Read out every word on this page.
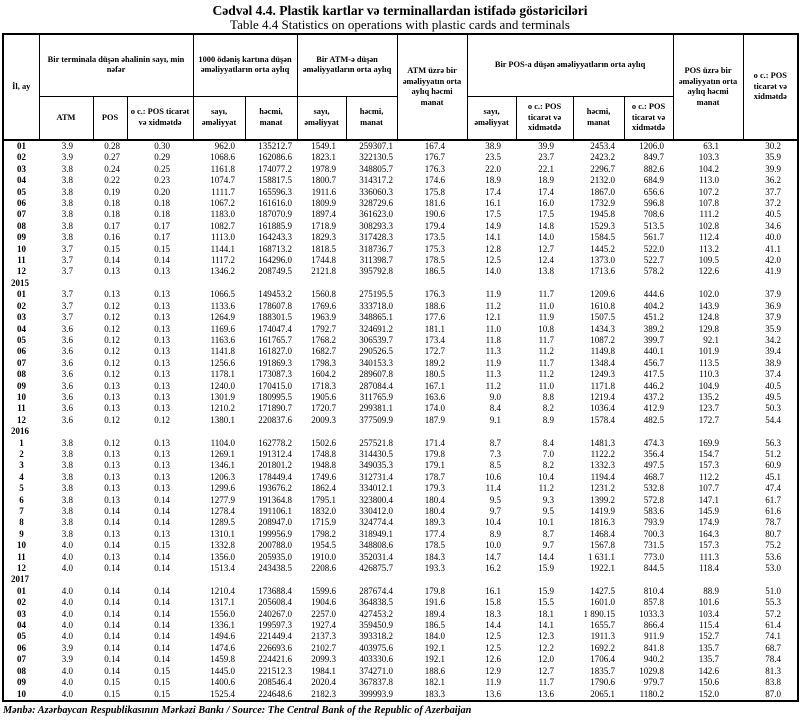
Cədvəl 4.4. Plastik kartlar və terminallardan istifadə göstəriciləri
Table 4.4 Statistics on operations with plastic cards and terminals
İl, ay	Bir terminala düşən əhalinin sayı, min nəfər			1000 ödəniş kartına düşən əməliyyatların orta aylıq		Bir ATM-ə düşən əməliyyatların orta aylıq		ATM üzrə bir əməliyyatın orta aylıq həcmi manat	Bir POS-a düşən əməliyyatların orta aylıq				POS üzrə bir əməliyyatın orta aylıq həcmi manat	o c.: POS ticarət və xidmətdə
	ATM	POS	o c.: POS ticarət və xidmətdə	sayı, əməliyyat	həcmi, manat	sayı, əməliyyat	həcmi, manat		sayı, əməliyyat	o c.: POS ticarət və xidmətdə	həcmi, manat	o c.: POS ticarət və xidmətdə		
01	3.9	0.28	0.30	962.0	135212.7	1549.1	259307.1	167.4	38.9	39.9	2453.4	1206.0	63.1	30.2
02	3.9	0.27	0.29	1068.6	162086.6	1823.1	322130.5	176.7	23.5	23.7	2423.2	849.7	103.3	35.9
03	3.8	0.24	0.25	1161.8	174077.2	1978.9	348805.7	176.3	22.0	22.1	2296.7	882.6	104.2	39.9
04	3.8	0.22	0.23	1074.7	158817.5	1800.7	314317.2	174.6	18.9	18.9	2132.0	684.9	113.0	36.2
05	3.8	0.19	0.20	1111.7	165596.3	1911.6	336060.3	175.8	17.4	17.4	1867.0	656.6	107.2	37.7
06	3.8	0.18	0.18	1067.2	161616.0	1809.9	328729.6	181.6	16.1	16.0	1732.9	596.8	107.8	37.2
07	3.8	0.18	0.18	1183.0	187070.9	1897.4	361623.0	190.6	17.5	17.5	1945.8	708.6	111.2	40.5
08	3.8	0.17	0.17	1082.7	161885.9	1718.9	308293.3	179.4	14.9	14.8	1529.3	513.5	102.8	34.6
09	3.8	0.16	0.17	1113.0	164243.3	1829.3	317428.3	173.5	14.1	14.0	1584.5	561.7	112.4	40.0
10	3.7	0.15	0.15	1144.1	168713.2	1818.5	318736.7	175.3	12.8	12.7	1445.2	522.0	113.2	41.1
11	3.7	0.14	0.14	1117.2	164296.0	1744.8	311398.7	178.5	12.5	12.4	1373.0	522.7	109.5	42.0
12	3.7	0.13	0.13	1346.2	208749.5	2121.8	395792.8	186.5	14.0	13.8	1713.6	578.2	122.6	41.9
2015														
01	3.7	0.13	0.13	1066.5	149453.2	1560.8	275195.5	176.3	11.9	11.7	1209.6	444.6	102.0	37.9
02	3.7	0.12	0.13	1133.6	178607.8	1769.6	333718.0	188.6	11.2	11.0	1610.8	404.2	143.9	36.9
03	3.7	0.12	0.13	1264.9	188301.5	1963.9	348865.1	177.6	12.1	11.9	1507.5	451.2	124.8	37.9
04	3.6	0.12	0.13	1169.6	174047.4	1792.7	324691.2	181.1	11.0	10.8	1434.3	389.2	129.8	35.9
05	3.6	0.12	0.13	1163.6	161765.7	1768.2	306539.7	173.4	11.8	11.7	1087.2	399.7	92.1	34.2
06	3.6	0.12	0.13	1141.8	161827.0	1682.7	290526.5	172.7	11.3	11.2	1149.8	440.1	101.9	39.4
07	3.6	0.12	0.13	1256.6	191869.3	1798.3	340153.3	189.2	11.9	11.7	1348.4	456.7	113.5	38.9
08	3.6	0.12	0.13	1178.1	173087.3	1604.2	289607.8	180.5	11.3	11.2	1249.3	417.5	110.3	37.4
09	3.6	0.13	0.13	1240.0	170415.0	1718.3	287084.4	167.1	11.2	11.0	1171.8	446.2	104.9	40.5
10	3.6	0.13	0.13	1301.9	180995.5	1905.6	311765.9	163.6	9.0	8.8	1219.4	437.2	135.2	49.5
11	3.6	0.13	0.13	1210.2	171890.7	1720.7	299381.1	174.0	8.4	8.2	1036.4	412.9	123.7	50.3
12	3.6	0.12	0.12	1380.1	220837.6	2009.3	377509.9	187.9	9.1	8.9	1578.4	482.5	172.7	54.4
2016														
1	3.8	0.12	0.13	1104.0	162778.2	1502.6	257521.8	171.4	8.7	8.4	1481.3	474.3	169.9	56.3
2	3.8	0.13	0.13	1269.1	191312.4	1748.8	314430.5	179.8	7.3	7.0	1122.2	356.4	154.7	51.2
3	3.8	0.13	0.13	1346.1	201801.2	1948.8	349035.3	179.1	8.5	8.2	1332.3	497.5	157.3	60.9
4	3.8	0.13	0.13	1206.3	178449.4	1749.6	312731.4	178.7	10.6	10.4	1194.4	468.7	112.2	45.1
5	3.8	0.13	0.13	1299.6	193676.2	1862.4	334012.1	179.3	11.4	11.2	1231.2	532.8	107.7	47.4
6	3.8	0.13	0.14	1277.9	191364.8	1795.1	323800.4	180.4	9.5	9.3	1399.2	572.8	147.1	61.7
7	3.8	0.14	0.14	1278.4	191106.1	1832.0	330412.0	180.4	9.7	9.5	1419.9	583.6	145.9	61.6
8	3.8	0.14	0.14	1289.5	208947.0	1715.9	324774.4	189.3	10.4	10.1	1816.3	793.9	174.9	78.7
9	3.8	0.13	0.13	1310.1	199956.9	1798.2	318949.1	177.4	8.9	8.7	1468.4	700.3	164.3	80.7
10	4.0	0.14	0.15	1332.8	200788.0	1954.5	348808.6	178.5	10.0	9.7	1567.8	731.5	157.3	75.2
11	4.0	0.13	0.14	1356.0	205935.0	1910.0	352031.4	184.3	14.7	14.4	1 631.1	773.0	111.3	53.6
12	4.0	0.14	0.14	1513.4	243438.5	2208.6	426875.7	193.3	16.2	15.9	1922.1	844.5	118.4	53.0
2017														
01	4.0	0.14	0.14	1210.4	173688.4	1599.6	287674.4	179.8	16.1	15.9	1427.5	810.4	88.9	51.0
02	4.0	0.14	0.14	1317.1	205608.4	1904.6	364838.5	191.6	15.8	15.5	1601.0	857.8	101.6	55.3
03	4.0	0.14	0.14	1556.0	240267.0	2257.0	427453.2	189.4	18.3	18.1	1 890.15	1033.3	103.4	57.2
04	4.0	0.14	0.14	1336.1	199597.3	1927.4	359450.9	186.5	14.4	14.1	1655.7	866.4	115.4	61.4
05	4.0	0.14	0.14	1494.6	221449.4	2137.3	393318.2	184.0	12.5	12.3	1911.3	911.9	152.7	74.1
06	3.9	0.14	0.14	1474.6	226693.6	2102.7	403975.6	192.1	12.5	12.2	1692.2	841.8	135.7	68.7
07	3.9	0.14	0.14	1459.8	224421.6	2099.3	403330.6	192.1	12.6	12.0	1706.4	940.2	135.7	78.4
08	4.0	0.14	0.15	1445.0	221512.3	1984.1	374271.0	188.6	12.9	12.7	1835.7	1029.8	142.6	81.3
09	4.0	0.15	0.15	1400.6	208546.4	2020.4	367837.8	182.1	11.9	11.7	1790.6	979.7	150.6	83.8
10	4.0	0.15	0.15	1525.4	224648.6	2182.3	399993.9	183.3	13.6	13.6	2065.1	1180.2	152.0	87.0
Mənbə: Azərbaycan Respublikasının Mərkəzi Bankı / Source: The Central Bank of the Republic of Azerbaijan
